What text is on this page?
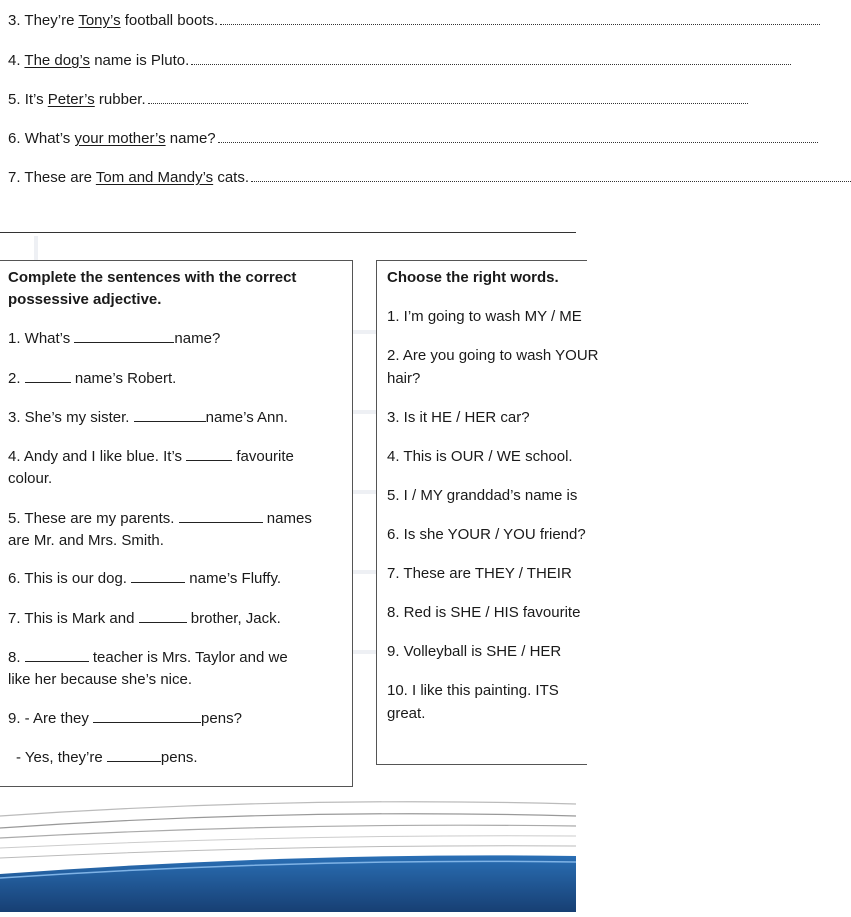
3. They’re Tony’s football boots.
4. The dog’s name is Pluto.
5. It’s Peter’s rubber.
6. What’s your mother’s name?
7. These are Tom and Mandy’s cats.
Complete the sentences with the correct
possessive adjective.
1. What’s	name?
2.	name’s Robert.
3. She’s my sister.	name’s Ann.
4. Andy and I like blue. It’s	favourite
colour.
5. These are my parents.	names
are Mr. and Mrs. Smith.
6. This is our dog.	name’s Fluffy.
7. This is Mark and	brother, Jack.
8.	teacher is Mrs. Taylor and we
like her because she’s nice.
9. - Are they	pens?
- Yes, they’re	pens.
Choose the right words.
1. I’m going to wash MY / ME
2. Are you going to wash YOUR
hair?
3. Is it HE / HER car?
4. This is OUR / WE school.
5. I / MY granddad’s name is
6. Is she YOUR / YOU friend?
7. These are THEY / THEIR
8. Red is SHE / HIS favourite
9. Volleyball is SHE / HER
10. I like this painting. ITS
great.
